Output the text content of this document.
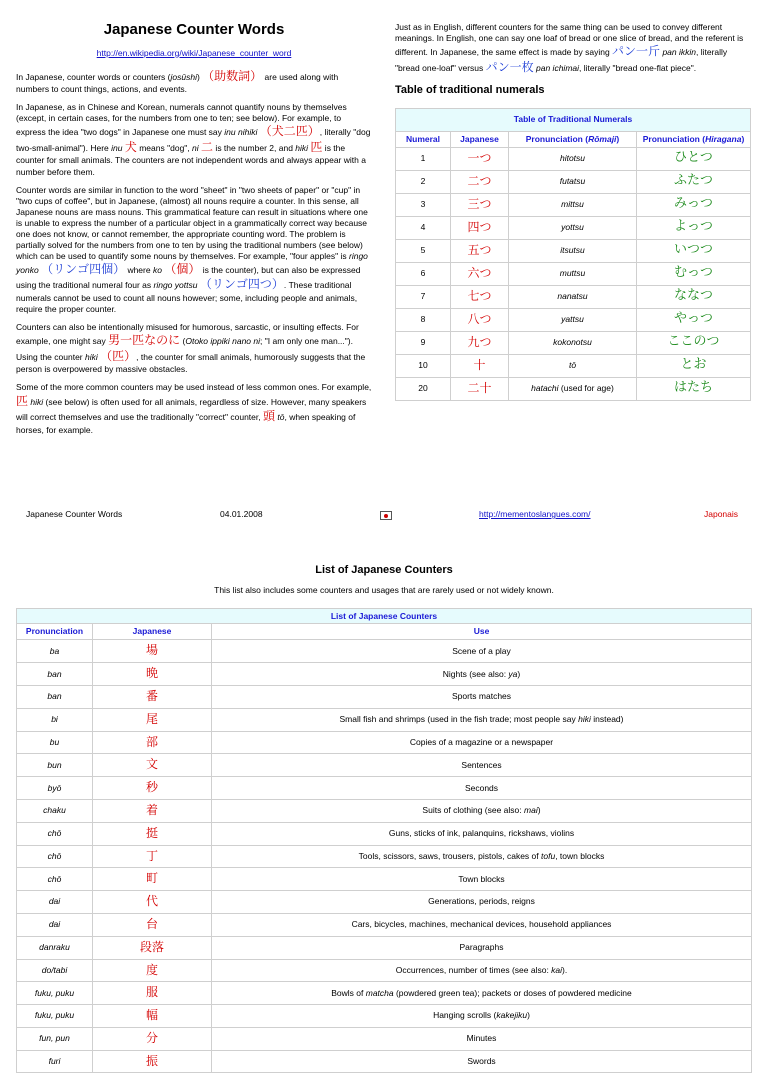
Japanese Counter Words
http://en.wikipedia.org/wiki/Japanese_counter_word

In Japanese, counter words or counters (josūshi) （助数詞） are used along with numbers to count things, actions, and events.

In Japanese, as in Chinese and Korean, numerals cannot quantify nouns by themselves (except, in certain cases, for the numbers from one to ten; see below). For example, to express the idea "two dogs" in Japanese one must say inu nihiki （犬二匹）, literally "dog two-small-animal"). Here inu 犬 means "dog", ni 二 is the number 2, and hiki 匹 is the counter for small animals. The counters are not independent words and always appear with a number before them.

Counter words are similar in function to the word "sheet" in "two sheets of paper" or "cup" in "two cups of coffee", but in Japanese, (almost) all nouns require a counter. In this sense, all Japanese nouns are mass nouns. This grammatical feature can result in situations where one is unable to express the number of a particular object in a grammatically correct way because one does not know, or cannot remember, the appropriate counting word. The problem is partially solved for the numbers from one to ten by using the traditional numbers (see below) which can be used to quantify some nouns by themselves. For example, "four apples" is ringo yonko （リンゴ四個） where ko （個） is the counter), but can also be expressed using the traditional numeral four as ringo yottsu （リンゴ四つ）. These traditional numerals cannot be used to count all nouns however; some, including people and animals, require the proper counter.

Counters can also be intentionally misused for humorous, sarcastic, or insulting effects. For example, one might say 男一匹なのに (Otoko ippiki nano ni; "I am only one man..."). Using the counter hiki （匹）, the counter for small animals, humorously suggests that the person is overpowered by massive obstacles.

Some of the more common counters may be used instead of less common ones. For example, 匹 hiki (see below) is often used for all animals, regardless of size. However, many speakers will correct themselves and use the traditionally "correct" counter, 頭 tō, when speaking of horses, for example.

Just as in English, different counters for the same thing can be used to convey different meanings. In English, one can say one loaf of bread or one slice of bread, and the referent is different. In Japanese, the same effect is made by saying パン一斤 pan ikkin, literally "bread one-loaf" versus パン一枚 pan ichimai, literally "bread one-flat piece".

Table of traditional numerals
Table of Traditional Numerals			
Numeral	Japanese	Pronunciation (Rōmaji)	Pronunciation (Hiragana)
1	一つ	hitotsu	ひとつ
2	二つ	futatsu	ふたつ
3	三つ	mittsu	みっつ
4	四つ	yottsu	よっつ
5	五つ	itsutsu	いつつ
6	六つ	muttsu	むっつ
7	七つ	nanatsu	ななつ
8	八つ	yattsu	やっつ
9	九つ	kokonotsu	ここのつ
10	十	tō	とお
20	二十	hatachi (used for age)	はたち
Japanese Counter Words	04.01.2008	http://mementoslangues.com/	Japonais
List of Japanese Counters
This list also includes some counters and usages that are rarely used or not widely known.
List of Japanese Counters		
Pronunciation	Japanese	Use
ba	場	Scene of a play
ban	晩	Nights (see also: ya)
ban	番	Sports matches
bi	尾	Small fish and shrimps (used in the fish trade; most people say hiki instead)
bu	部	Copies of a magazine or a newspaper
bun	文	Sentences
byō	秒	Seconds
chaku	着	Suits of clothing (see also: mai)
chō	挺	Guns, sticks of ink, palanquins, rickshaws, violins
chō	丁	Tools, scissors, saws, trousers, pistols, cakes of tofu, town blocks
chō	町	Town blocks
dai	代	Generations, periods, reigns
dai	台	Cars, bicycles, machines, mechanical devices, household appliances
danraku	段落	Paragraphs
do/tabi	度	Occurrences, number of times (see also: kai).
fuku, puku	服	Bowls of matcha (powdered green tea); packets or doses of powdered medicine
fuku, puku	幅	Hanging scrolls (kakejiku)
fun, pun	分	Minutes
furi	振	Swords
